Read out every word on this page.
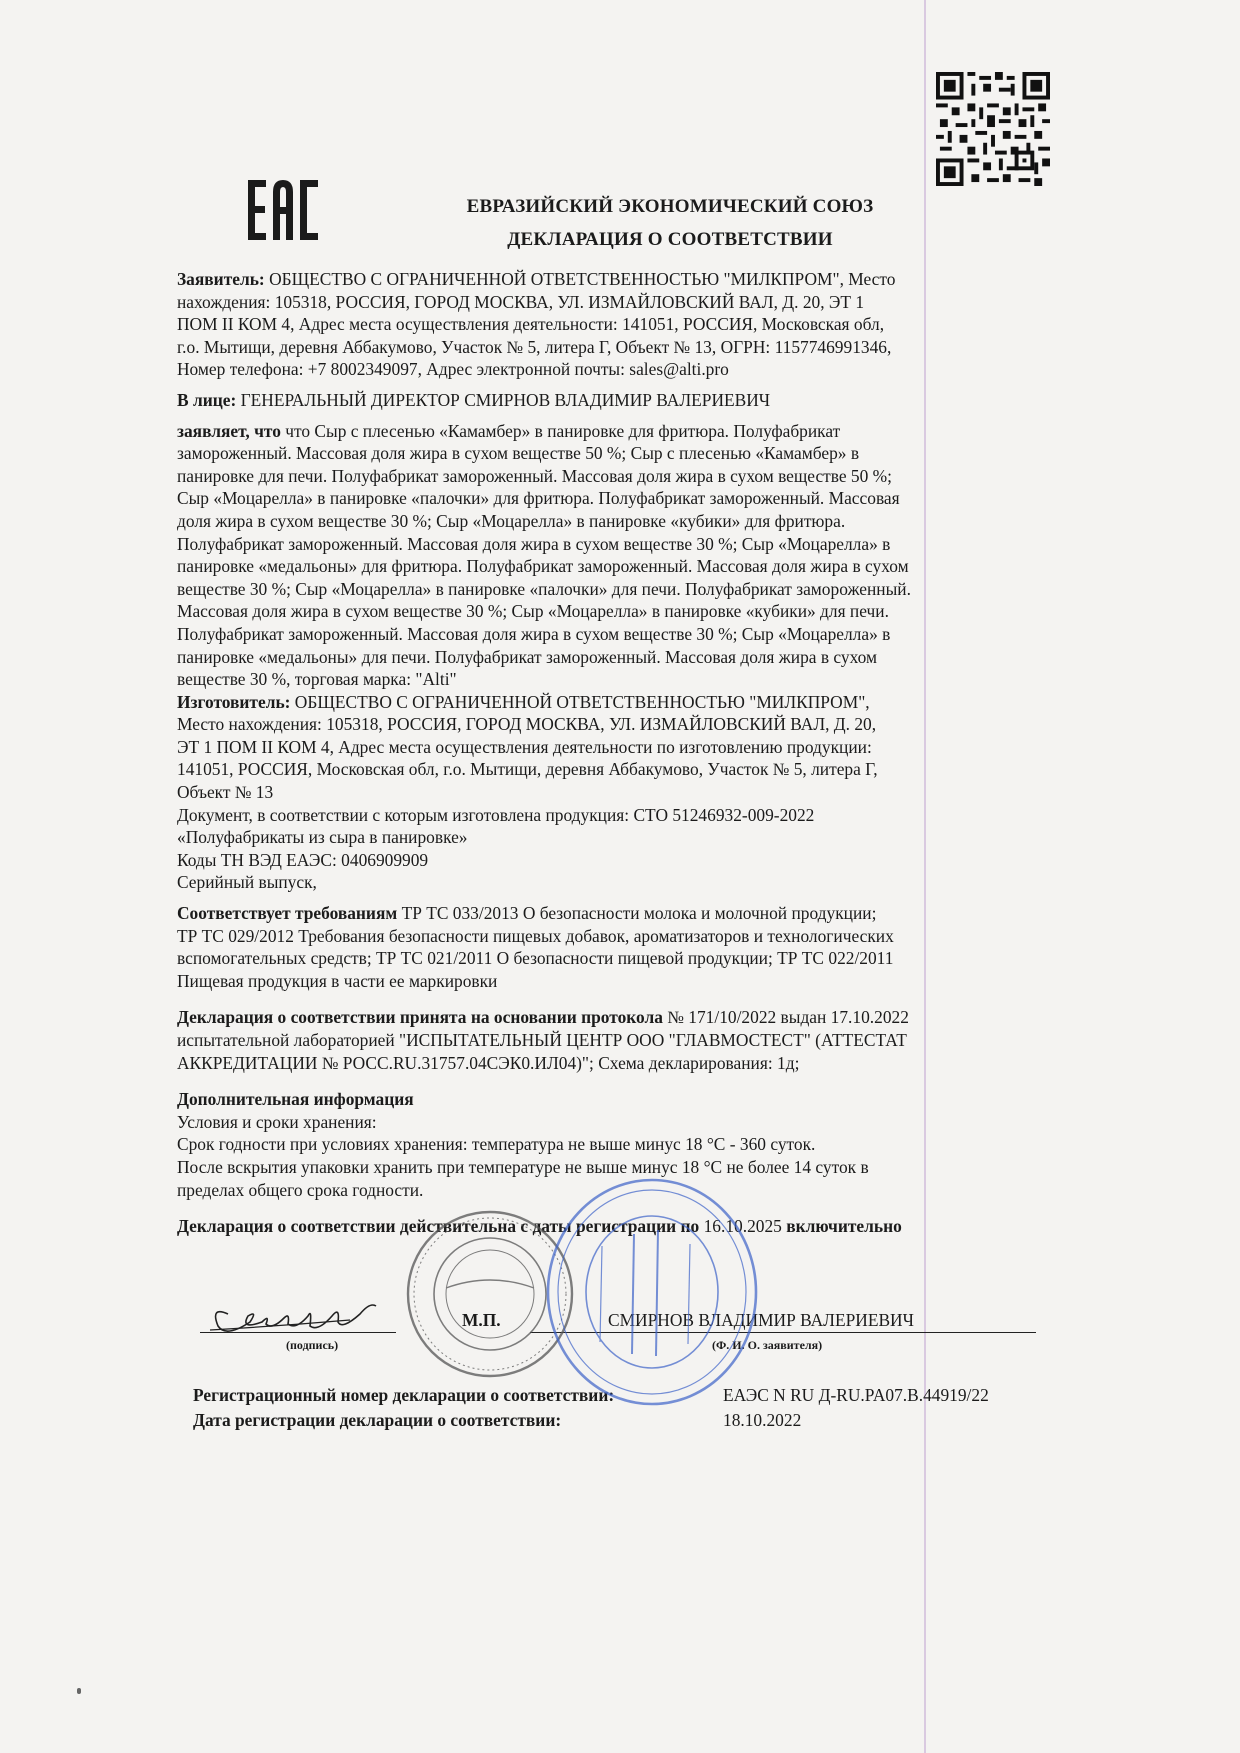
ЕВРАЗИЙСКИЙ ЭКОНОМИЧЕСКИЙ СОЮЗ
ДЕКЛАРАЦИЯ О СООТВЕТСТВИИ

Заявитель: ОБЩЕСТВО С ОГРАНИЧЕННОЙ ОТВЕТСТВЕННОСТЬЮ "МИЛКПРОМ", Место

нахождения: 105318, РОССИЯ, ГОРОД МОСКВА, УЛ. ИЗМАЙЛОВСКИЙ ВАЛ, Д. 20, ЭТ 1

ПОМ II КОМ 4, Адрес места осуществления деятельности: 141051, РОССИЯ, Московская обл,

г.о. Мытищи, деревня Аббакумово, Участок № 5, литера Г, Объект № 13, ОГРН: 1157746991346,

Номер телефона: +7 8002349097, Адрес электронной почты: sales@alti.pro

В лице: ГЕНЕРАЛЬНЫЙ ДИРЕКТОР СМИРНОВ ВЛАДИМИР ВАЛЕРИЕВИЧ

заявляет, что что Сыр с плесенью «Камамбер» в панировке для фритюра. Полуфабрикат

замороженный. Массовая доля жира в сухом веществе 50 %; Сыр с плесенью «Камамбер» в

панировке для печи. Полуфабрикат замороженный. Массовая доля жира в сухом веществе 50 %;

Сыр «Моцарелла» в панировке «палочки» для фритюра. Полуфабрикат замороженный. Массовая

доля жира в сухом веществе 30 %; Сыр «Моцарелла» в панировке «кубики» для фритюра.

Полуфабрикат замороженный. Массовая доля жира в сухом веществе 30 %; Сыр «Моцарелла» в

панировке «медальоны» для фритюра. Полуфабрикат замороженный. Массовая доля жира в сухом

веществе 30 %; Сыр «Моцарелла» в панировке «палочки» для печи. Полуфабрикат замороженный.

Массовая доля жира в сухом веществе 30 %; Сыр «Моцарелла» в панировке «кубики» для печи.

Полуфабрикат замороженный. Массовая доля жира в сухом веществе 30 %; Сыр «Моцарелла» в

панировке «медальоны» для печи. Полуфабрикат замороженный. Массовая доля жира в сухом

веществе 30 %, торговая марка: "Alti"

Изготовитель: ОБЩЕСТВО С ОГРАНИЧЕННОЙ ОТВЕТСТВЕННОСТЬЮ "МИЛКПРОМ",

Место нахождения: 105318, РОССИЯ, ГОРОД МОСКВА, УЛ. ИЗМАЙЛОВСКИЙ ВАЛ, Д. 20,

ЭТ 1 ПОМ II КОМ 4, Адрес места осуществления деятельности по изготовлению продукции:

141051, РОССИЯ, Московская обл, г.о. Мытищи, деревня Аббакумово, Участок № 5, литера Г,

Объект № 13

Документ, в соответствии с которым изготовлена продукция: СТО 51246932-009-2022

«Полуфабрикаты из сыра в панировке»

Коды ТН ВЭД ЕАЭС: 0406909909

Серийный выпуск,

Соответствует требованиям ТР ТС 033/2013 О безопасности молока и молочной продукции;

ТР ТС 029/2012 Требования безопасности пищевых добавок, ароматизаторов и технологических

вспомогательных средств; ТР ТС 021/2011 О безопасности пищевой продукции; ТР ТС 022/2011

Пищевая продукция в части ее маркировки

Декларация о соответствии принята на основании протокола № 171/10/2022 выдан 17.10.2022

испытательной лабораторией "ИСПЫТАТЕЛЬНЫЙ ЦЕНТР ООО "ГЛАВМОСТЕСТ" (АТТЕСТАТ

АККРЕДИТАЦИИ № РОСС.RU.31757.04СЭК0.ИЛ04)"; Схема декларирования: 1д;

Дополнительная информация

Условия и сроки хранения:

Срок годности при условиях хранения: температура не выше минус 18 °С - 360 суток.

После вскрытия упаковки хранить при температуре не выше минус 18 °С не более 14 суток в

пределах общего срока годности.

Декларация о соответствии действительна с даты регистрации по 16.10.2025 включительно

(подпись)
М.П.	СМИРНОВ ВЛАДИМИР ВАЛЕРИЕВИЧ
(Ф. И. О. заявителя)
Регистрационный номер декларации о соответствии:	ЕАЭС N RU Д-RU.PA07.B.44919/22
Дата регистрации декларации о соответствии:	18.10.2022
